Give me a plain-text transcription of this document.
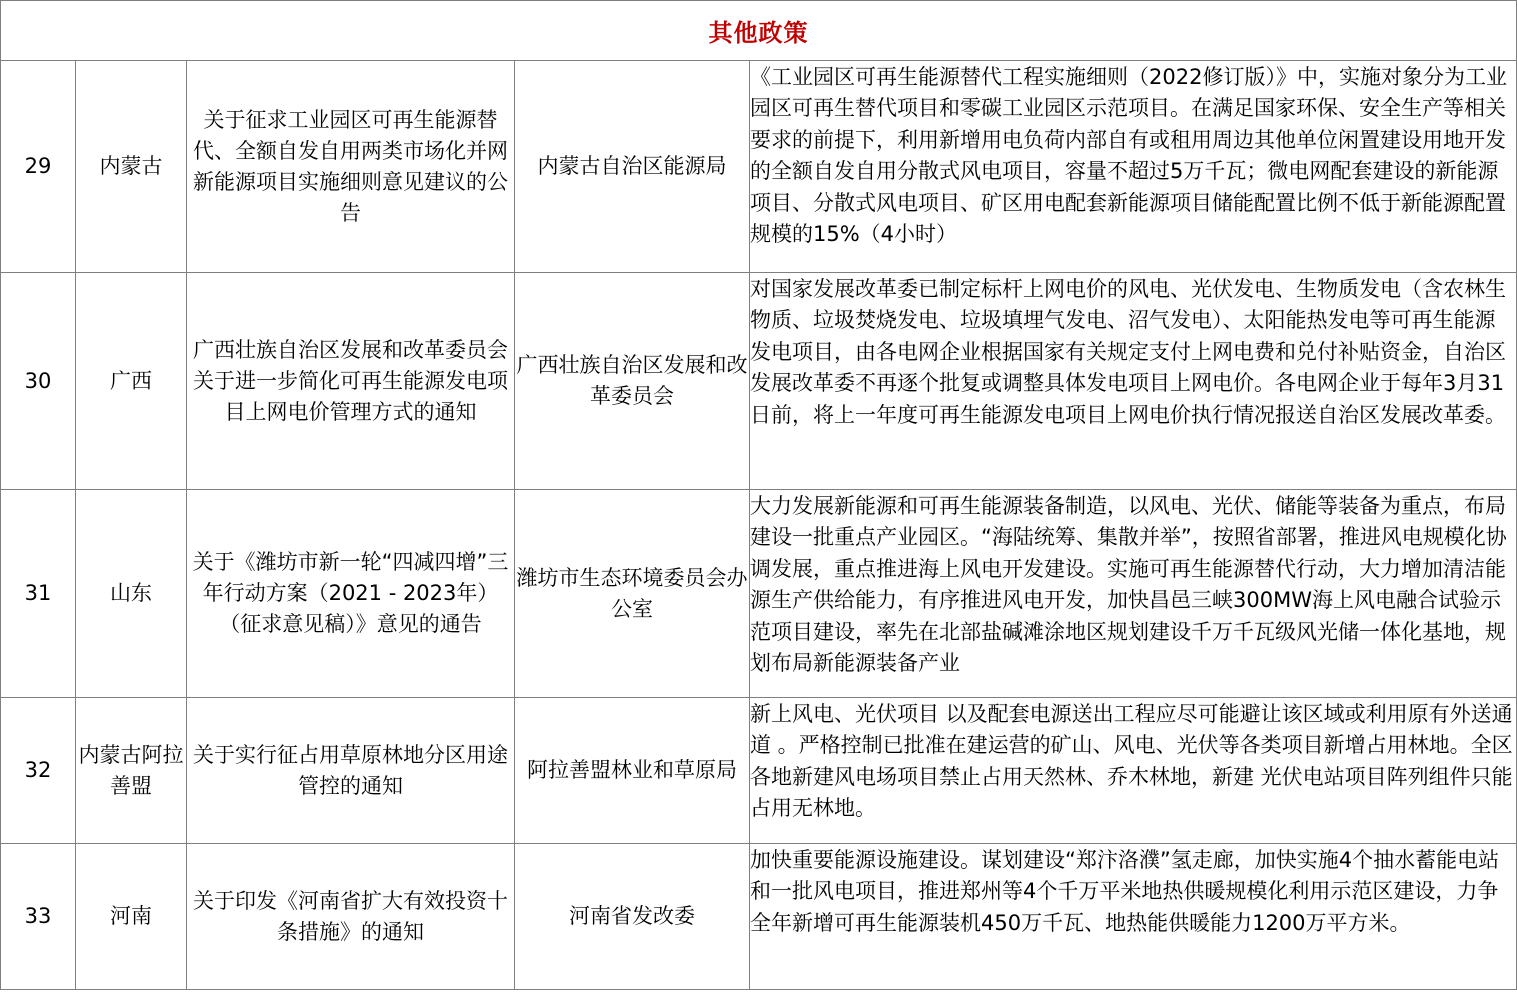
其他政策				
29	内蒙古	关于征求工业园区可再生能源替代、全额自发自用两类市场化并网新能源项目实施细则意见建议的公告	内蒙古自治区能源局	《工业园区可再生能源替代工程实施细则（2022修订版）》中，实施对象分为工业园区可再生替代项目和零碳工业园区示范项目。在满足国家环保、安全生产等相关要求的前提下，利用新增用电负荷内部自有或租用周边其他单位闲置建设用地开发的全额自发自用分散式风电项目，容量不超过5万千瓦；微电网配套建设的新能源项目、分散式风电项目、矿区用电配套新能源项目储能配置比例不低于新能源配置规模的15%（4小时）

30	广西	广西壮族自治区发展和改革委员会关于进一步简化可再生能源发电项目上网电价管理方式的通知	广西壮族自治区发展和改革委员会	对国家发展改革委已制定标杆上网电价的风电、光伏发电、生物质发电（含农林生物质、垃圾焚烧发电、垃圾填埋气发电、沼气发电）、太阳能热发电等可再生能源发电项目，由各电网企业根据国家有关规定支付上网电费和兑付补贴资金，自治区发展改革委不再逐个批复或调整具体发电项目上网电价。各电网企业于每年3月31日前，将上一年度可再生能源发电项目上网电价执行情况报送自治区发展改革委。

31	山东	关于《潍坊市新一轮“四减四增”三年行动方案（2021 - 2023年）（征求意见稿）》意见的通告	潍坊市生态环境委员会办公室	大力发展新能源和可再生能源装备制造，以风电、光伏、储能等装备为重点，布局建设一批重点产业园区。“海陆统筹、集散并举”，按照省部署，推进风电规模化协调发展，重点推进海上风电开发建设。实施可再生能源替代行动，大力增加清洁能源生产供给能力，有序推进风电开发，加快昌邑三峡300MW海上风电融合试验示范项目建设，率先在北部盐碱滩涂地区规划建设千万千瓦级风光储一体化基地，规划布局新能源装备产业

32	内蒙古阿拉善盟	关于实行征占用草原林地分区用途管控的通知	阿拉善盟林业和草原局	新上风电、光伏项目 以及配套电源送出工程应尽可能避让该区域或利用原有外送通道 。严格控制已批准在建运营的矿山、风电、光伏等各类项目新增占用林地。全区各地新建风电场项目禁止占用天然林、乔木林地，新建 光伏电站项目阵列组件只能占用无林地。

33	河南	关于印发《河南省扩大有效投资十条措施》的通知	河南省发改委	加快重要能源设施建设。谋划建设“郑汴洛濮”氢走廊，加快实施4个抽水蓄能电站和一批风电项目，推进郑州等4个千万平米地热供暖规模化利用示范区建设，力争全年新增可再生能源装机450万千瓦、地热能供暖能力1200万平方米。
